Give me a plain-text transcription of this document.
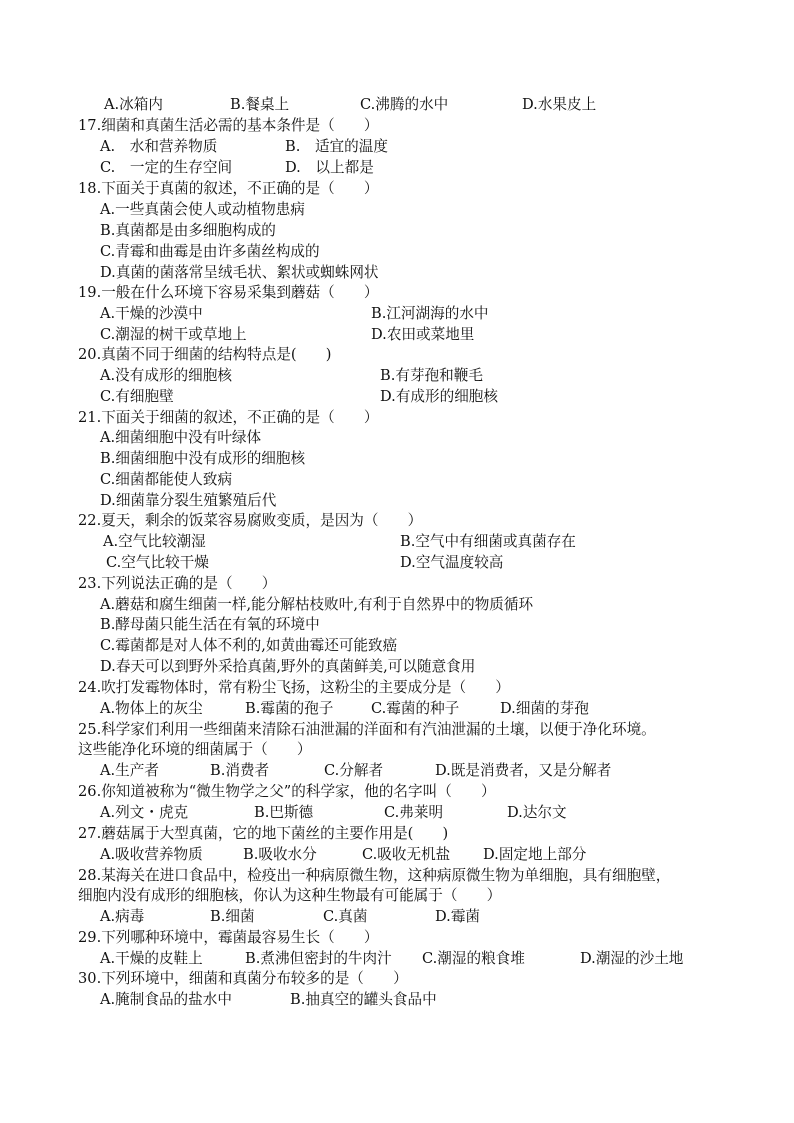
A.冰箱内	B.餐桌上	C.沸腾的水中	D.水果皮上
17.细菌和真菌生活必需的基本条件是（　　）
A.　水和营养物质	B.　适宜的温度
C.　一定的生存空间	D.　以上都是
18.下面关于真菌的叙述，不正确的是（　　）
A.一些真菌会使人或动植物患病
B.真菌都是由多细胞构成的
C.青霉和曲霉是由许多菌丝构成的
D.真菌的菌落常呈绒毛状、絮状或蜘蛛网状
19.一般在什么环境下容易采集到蘑菇（　　）
A.干燥的沙漠中	B.江河湖海的水中
C.潮湿的树干或草地上	D.农田或菜地里
20.真菌不同于细菌的结构特点是(　　)
A.没有成形的细胞核	B.有芽孢和鞭毛
C.有细胞壁	D.有成形的细胞核
21.下面关于细菌的叙述，不正确的是（　　）
A.细菌细胞中没有叶绿体
B.细菌细胞中没有成形的细胞核
C.细菌都能使人致病
D.细菌靠分裂生殖繁殖后代
22.夏天，剩余的饭菜容易腐败变质，是因为（　　）
A.空气比较潮湿	B.空气中有细菌或真菌存在
C.空气比较干燥	D.空气温度较高
23.下列说法正确的是（　　）
A.蘑菇和腐生细菌一样,能分解枯枝败叶,有利于自然界中的物质循环
B.酵母菌只能生活在有氧的环境中
C.霉菌都是对人体不利的,如黄曲霉还可能致癌
D.春天可以到野外采拾真菌,野外的真菌鲜美,可以随意食用
24.吹打发霉物体时，常有粉尘飞扬，这粉尘的主要成分是（　　）
A.物体上的灰尘	B.霉菌的孢子	C.霉菌的种子	D.细菌的芽孢
25.科学家们利用一些细菌来清除石油泄漏的洋面和有汽油泄漏的土壤，以便于净化环境。
这些能净化环境的细菌属于（　　）
A.生产者	B.消费者	C.分解者	D.既是消费者，又是分解者
26.你知道被称为“微生物学之父”的科学家，他的名字叫（　　）
A.列文・虎克	B.巴斯德	C.弗莱明	D.达尔文
27.蘑菇属于大型真菌，它的地下菌丝的主要作用是(　　)
A.吸收营养物质	B.吸收水分	C.吸收无机盐 D.固定地上部分
28.某海关在进口食品中，检疫出一种病原微生物，这种病原微生物为单细胞，具有细胞壁，
细胞内没有成形的细胞核，你认为这种生物最有可能属于（　　）
A.病毒	B.细菌	C.真菌	D.霉菌
29.下列哪种环境中，霉菌最容易生长（　　）
A.干燥的皮鞋上	B.煮沸但密封的牛肉汁 C.潮湿的粮食堆	D.潮湿的沙土地
30.下列环境中，细菌和真菌分布较多的是（　　）
A.腌制食品的盐水中	B.抽真空的罐头食品中
